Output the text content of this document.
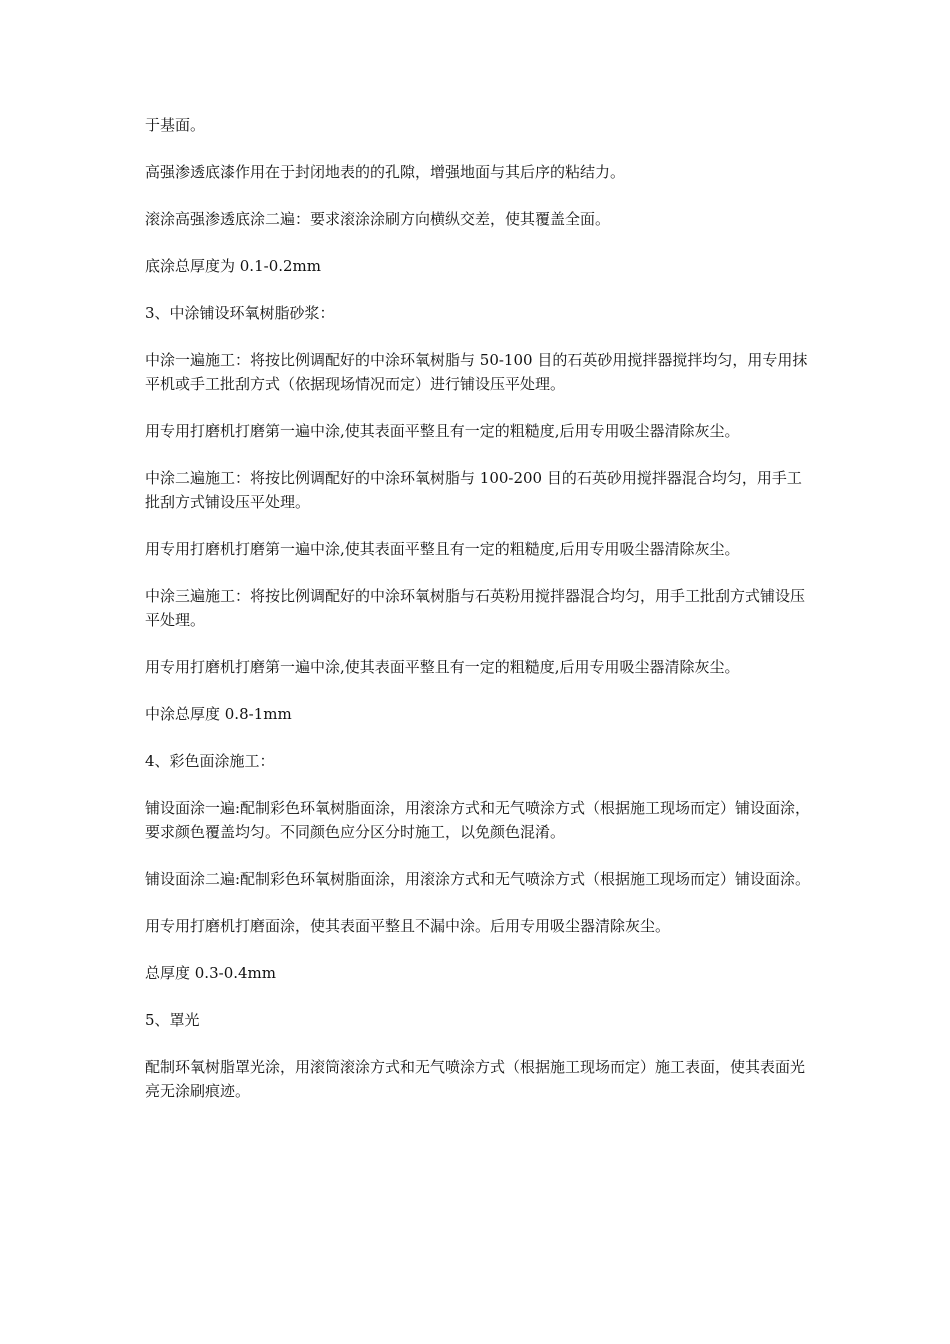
于基面。

高强渗透底漆作用在于封闭地表的的孔隙，增强地面与其后序的粘结力。

滚涂高强渗透底涂二遍：要求滚涂涂刷方向横纵交差，使其覆盖全面。

底涂总厚度为 0.1-0.2mm

3、中涂铺设环氧树脂砂浆：

中涂一遍施工：将按比例调配好的中涂环氧树脂与 50-100 目的石英砂用搅拌器搅拌均匀，用专用抹平机或手工批刮方式（依据现场情况而定）进行铺设压平处理。

用专用打磨机打磨第一遍中涂,使其表面平整且有一定的粗糙度,后用专用吸尘器清除灰尘。

中涂二遍施工：将按比例调配好的中涂环氧树脂与 100-200 目的石英砂用搅拌器混合均匀，用手工批刮方式铺设压平处理。

用专用打磨机打磨第一遍中涂,使其表面平整且有一定的粗糙度,后用专用吸尘器清除灰尘。

中涂三遍施工：将按比例调配好的中涂环氧树脂与石英粉用搅拌器混合均匀，用手工批刮方式铺设压平处理。

用专用打磨机打磨第一遍中涂,使其表面平整且有一定的粗糙度,后用专用吸尘器清除灰尘。

中涂总厚度 0.8-1mm

4、彩色面涂施工：

铺设面涂一遍:配制彩色环氧树脂面涂，用滚涂方式和无气喷涂方式（根据施工现场而定）铺设面涂，要求颜色覆盖均匀。不同颜色应分区分时施工，以免颜色混淆。

铺设面涂二遍:配制彩色环氧树脂面涂，用滚涂方式和无气喷涂方式（根据施工现场而定）铺设面涂。

用专用打磨机打磨面涂，使其表面平整且不漏中涂。后用专用吸尘器清除灰尘。

总厚度 0.3-0.4mm

5、罩光

配制环氧树脂罩光涂，用滚筒滚涂方式和无气喷涂方式（根据施工现场而定）施工表面，使其表面光亮无涂刷痕迹。
